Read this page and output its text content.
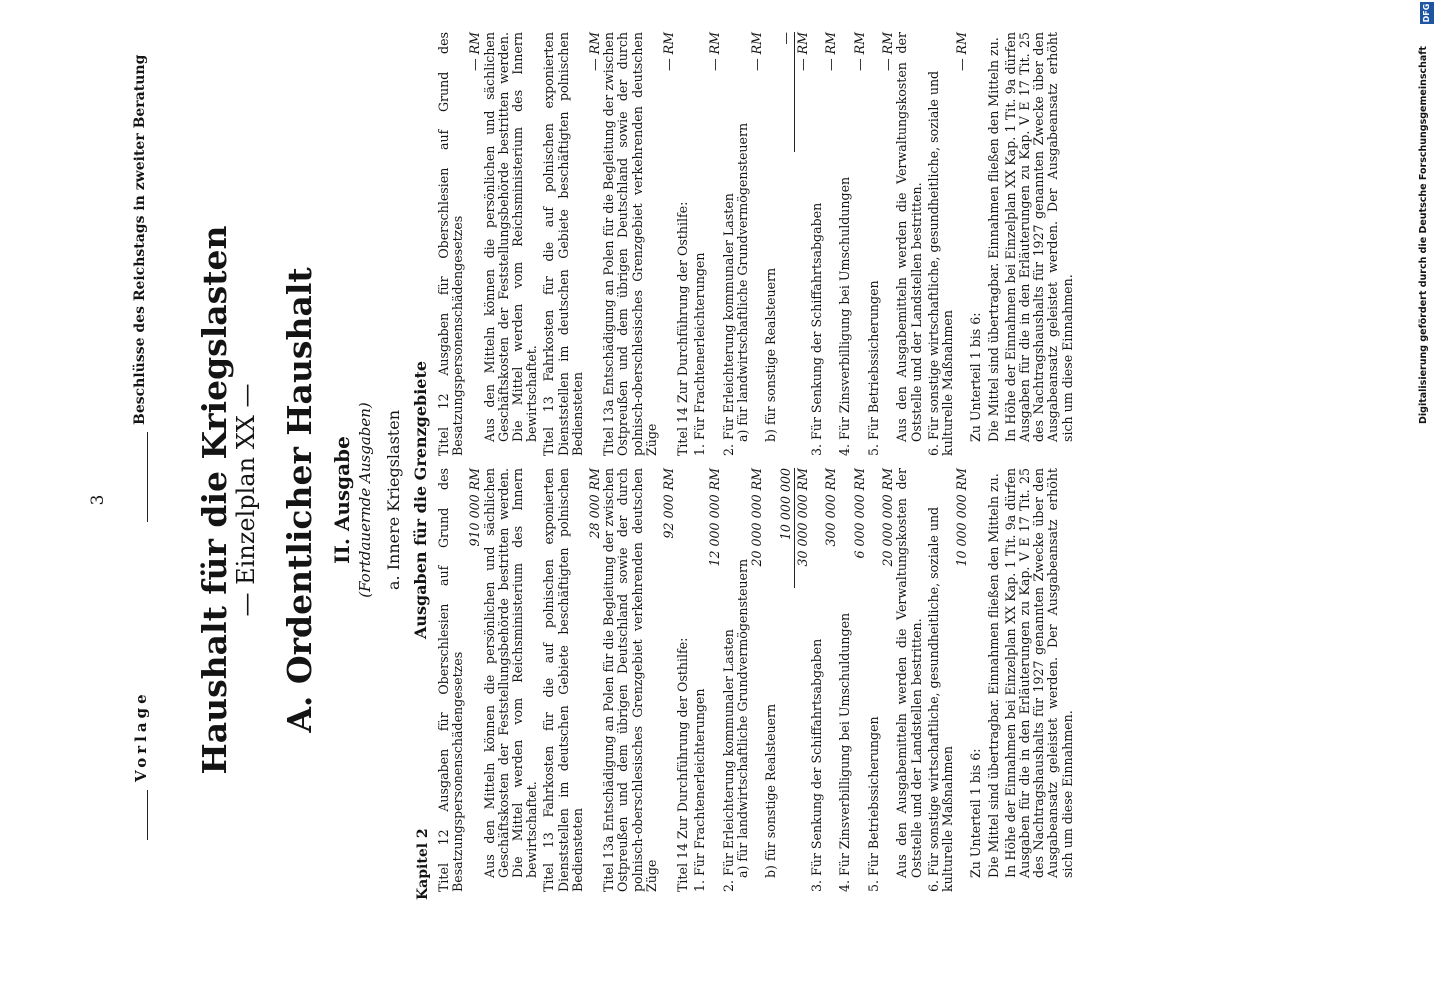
3
Vorlage
Beschlüsse des Reichstags in zweiter Beratung Haushalt für die Kriegslasten
— Einzelplan XX — A. Ordentlicher Haushalt II. Ausgabe (Fortdauernde Ausgaben) a. Innere Kriegslasten Ausgaben für die Grenzgebiete
Kapitel 2 Titel 12 Ausgaben für Oberschlesien auf Grund des Besatzungspersonenschädengesetzes

910 000 RM Aus den Mitteln können die persönlichen und sächlichen Geschäftskosten der Feststellungsbehörde bestritten werden. Die Mittel werden vom Reichsministerium des Innern bewirtschaftet. Titel 13 Fahrkosten für die auf polnischen exponierten Dienststellen im deutschen Gebiete beschäftigten polnischen Bediensteten

28 000 RM Titel 13a Entschädigung an Polen für die Begleitung der zwischen Ostpreußen und dem übrigen Deutschland sowie der durch polnisch-oberschlesisches Grenzgebiet verkehrenden deutschen Züge

92 000 RM

Titel 14 Zur Durchführung der Osthilfe: 1. Für Frachtenerleichterungen
12 000 000 RM
2. Für Erleichterung kommunaler Lasten a) für landwirtschaftliche Grundvermögensteuern
20 000 000 RM
b) für sonstige Realsteuern
10 000 000 30 000 000 RM
3. Für Senkung der Schiffahrtsabgaben
300 000 RM
4. Für Zinsverbilligung bei Umschuldungen
6 000 000 RM
5. Für Betriebssicherungen
20 000 000 RM Aus den Ausgabemitteln werden die Verwaltungskosten der Oststelle und der Landstellen bestritten. 6. Für sonstige wirtschaftliche, gesundheitliche, soziale und kulturelle Maßnahmen
10 000 000 RM

Zu Unterteil 1 bis 6: Die Mittel sind übertragbar. Einnahmen fließen den Mitteln zu. In Höhe der Einnahmen bei Einzelplan XX Kap. 1 Tit. 9a dürfen Ausgaben für die in den Erläuterungen zu Kap. V E 17 Tit. 25 des Nachtragshaushalts für 1927 genannten Zwecke über den Ausgabeansatz geleistet werden. Der Ausgabeansatz erhöht sich um diese Einnahmen.

Titel 12 Ausgaben für Oberschlesien auf Grund des Besatzungspersonenschädengesetzes

— RM Aus den Mitteln können die persönlichen und sächlichen Geschäftskosten der Feststellungsbehörde bestritten werden. Die Mittel werden vom Reichsministerium des Innern bewirtschaftet. Titel 13 Fahrkosten für die auf polnischen exponierten Dienststellen im deutschen Gebiete beschäftigten polnischen Bediensteten

— RM Titel 13a Entschädigung an Polen für die Begleitung der zwischen Ostpreußen und dem übrigen Deutschland sowie der durch polnisch-oberschlesisches Grenzgebiet verkehrenden deutschen Züge

— RM

Titel 14 Zur Durchführung der Osthilfe: 1. Für Frachtenerleichterungen
— RM
2. Für Erleichterung kommunaler Lasten a) für landwirtschaftliche Grundvermögensteuern
— RM
b) für sonstige Realsteuern
— — RM
3. Für Senkung der Schiffahrtsabgaben
— RM
4. Für Zinsverbilligung bei Umschuldungen
— RM
5. Für Betriebssicherungen
— RM Aus den Ausgabemitteln werden die Verwaltungskosten der Oststelle und der Landstellen bestritten. 6. Für sonstige wirtschaftliche, gesundheitliche, soziale und kulturelle Maßnahmen
— RM

Zu Unterteil 1 bis 6: Die Mittel sind übertragbar. Einnahmen fließen den Mitteln zu. In Höhe der Einnahmen bei Einzelplan XX Kap. 1 Tit. 9a dürfen Ausgaben für die in den Erläuterungen zu Kap. V E 17 Tit. 25 des Nachtragshaushalts für 1927 genannten Zwecke über den Ausgabeansatz geleistet werden. Der Ausgabeansatz erhöht sich um diese Einnahmen.	Digitalisierung gefördert durch die Deutsche Forschungsgemeinschaft
DFG
